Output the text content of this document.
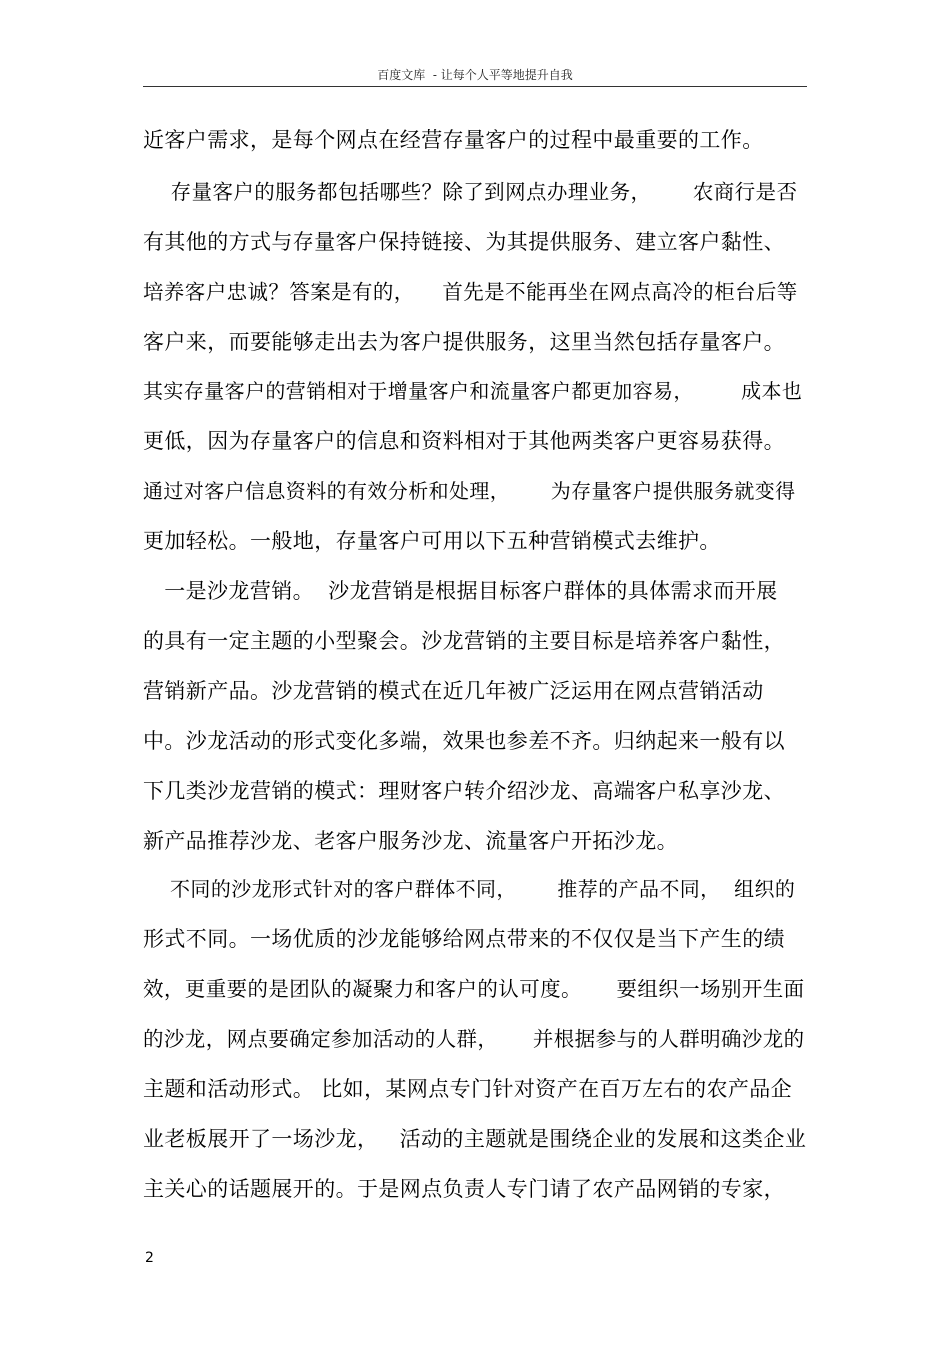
百度文库  - 让每个人平等地提升自我
近客户需求，是每个网点在经营存量客户的过程中最重要的工作。
存量客户的服务都包括哪些？除了到网点办理业务，      农商行是否
有其他的方式与存量客户保持链接、为其提供服务、建立客户黏性、
培养客户忠诚？答案是有的，    首先是不能再坐在网点高冷的柜台后等
客户来，而要能够走出去为客户提供服务，这里当然包括存量客户。
其实存量客户的营销相对于增量客户和流量客户都更加容易，       成本也
更低，因为存量客户的信息和资料相对于其他两类客户更容易获得。
通过对客户信息资料的有效分析和处理，      为存量客户提供服务就变得
更加轻松。一般地，存量客户可用以下五种营销模式去维护。
一是沙龙营销。  沙龙营销是根据目标客户群体的具体需求而开展
的具有一定主题的小型聚会。沙龙营销的主要目标是培养客户黏性，
营销新产品。沙龙营销的模式在近几年被广泛运用在网点营销活动
中。沙龙活动的形式变化多端，效果也参差不齐。归纳起来一般有以
下几类沙龙营销的模式：理财客户转介绍沙龙、高端客户私享沙龙、
新产品推荐沙龙、老客户服务沙龙、流量客户开拓沙龙。
不同的沙龙形式针对的客户群体不同，      推荐的产品不同，  组织的
形式不同。一场优质的沙龙能够给网点带来的不仅仅是当下产生的绩
效，更重要的是团队的凝聚力和客户的认可度。     要组织一场别开生面
的沙龙，网点要确定参加活动的人群，     并根据参与的人群明确沙龙的
主题和活动形式。 比如，某网点专门针对资产在百万左右的农产品企
业老板展开了一场沙龙，   活动的主题就是围绕企业的发展和这类企业
主关心的话题展开的。于是网点负责人专门请了农产品网销的专家，
2
